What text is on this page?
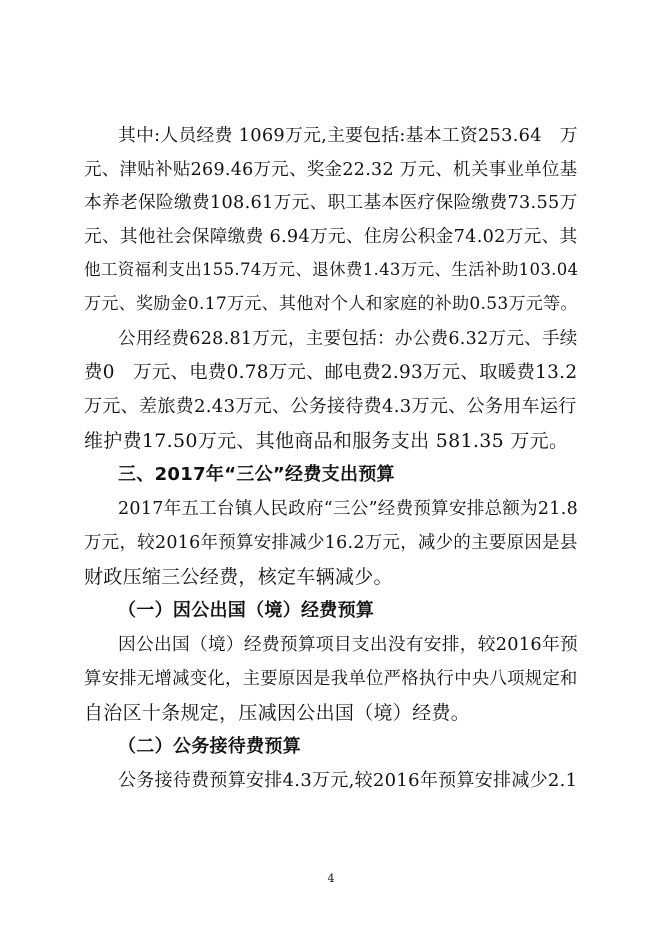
其中:人员经费 1069万元,主要包括:基本工资253.64   万
元、津贴补贴269.46万元、奖金22.32 万元、机关事业单位基
本养老保险缴费108.61万元、职工基本医疗保险缴费73.55万
元、其他社会保障缴费 6.94万元、住房公积金74.02万元、其
他工资福利支出155.74万元、退休费1.43万元、生活补助103.04
万元、奖励金0.17万元、其他对个人和家庭的补助0.53万元等。
公用经费628.81万元，主要包括：办公费6.32万元、手续
费0   万元、电费0.78万元、邮电费2.93万元、取暖费13.2
万元、差旅费2.43万元、公务接待费4.3万元、公务用车运行
维护费17.50万元、其他商品和服务支出 581.35 万元。
三、2017年“三公”经费支出预算
2017年五工台镇人民政府“三公”经费预算安排总额为21.8
万元，较2016年预算安排减少16.2万元，减少的主要原因是县
财政压缩三公经费，核定车辆减少。
（一）因公出国（境）经费预算
因公出国（境）经费预算项目支出没有安排，较2016年预
算安排无增减变化，主要原因是我单位严格执行中央八项规定和
自治区十条规定，压减因公出国（境）经费。
（二）公务接待费预算
公务接待费预算安排4.3万元,较2016年预算安排减少2.1
4
